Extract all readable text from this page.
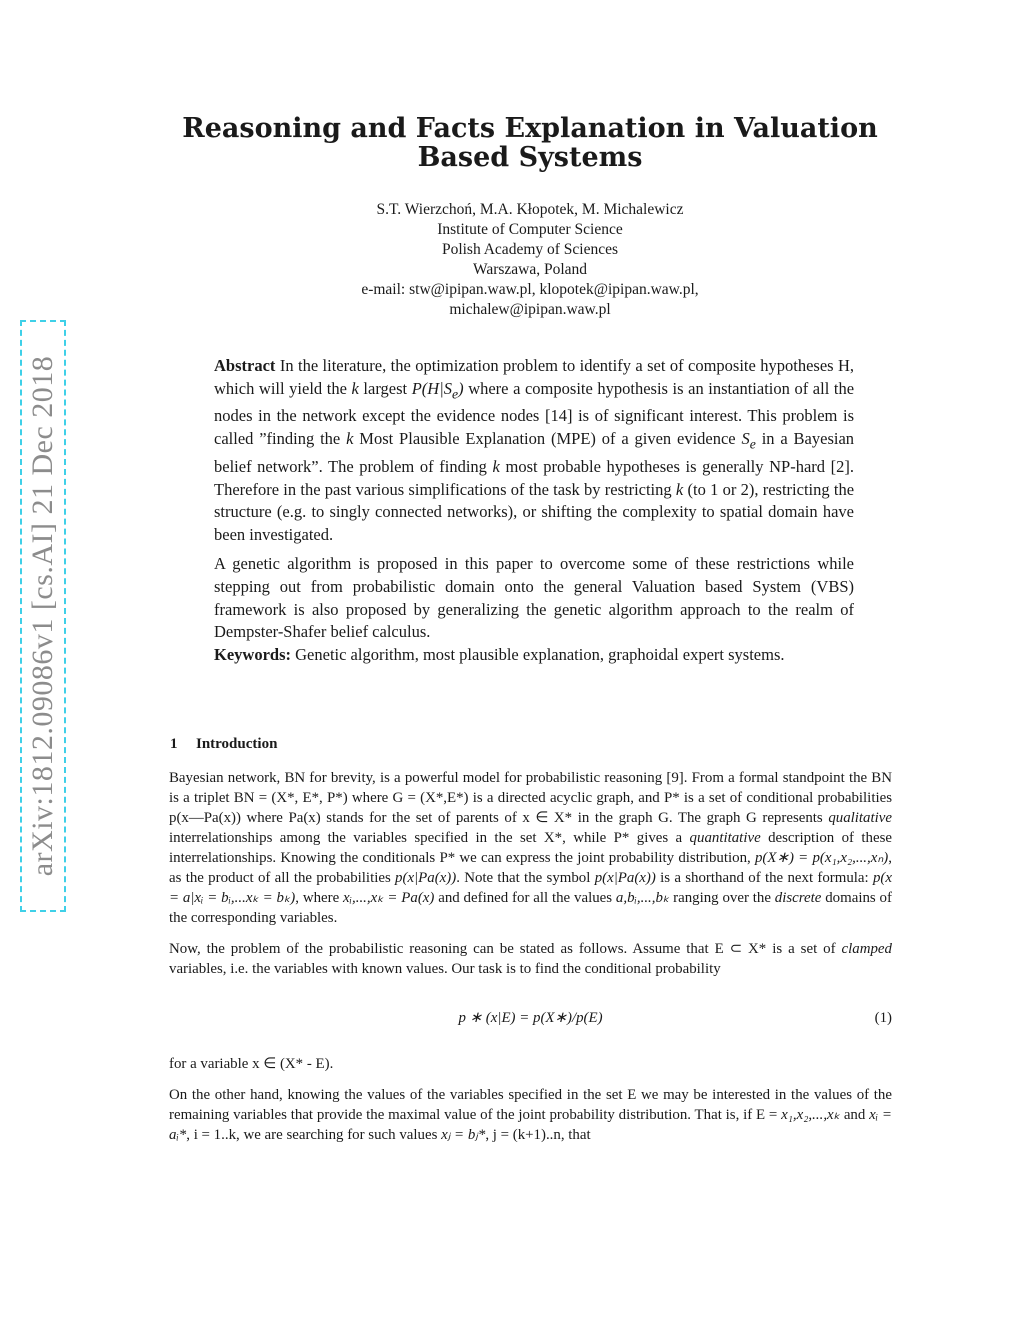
arXiv:1812.09086v1 [cs.AI] 21 Dec 2018
Reasoning and Facts Explanation in Valuation
Based Systems
S.T. Wierzchoń, M.A. Kłopotek, M. Michalewicz
Institute of Computer Science
Polish Academy of Sciences
Warszawa, Poland
e-mail: stw@ipipan.waw.pl, klopotek@ipipan.waw.pl,
michalew@ipipan.waw.pl

Abstract In the literature, the optimization problem to identify a set of composite hypotheses H, which will yield the k largest $P(H|S_e)$ where a composite hypothesis is an instantiation of all the nodes in the network except the evidence nodes [14] is of significant interest. This problem is called ”finding the k Most Plausible Explanation (MPE) of a given evidence $S_e$ in a Bayesian belief network”. The problem of finding k most probable hypotheses is generally NP-hard [2]. Therefore in the past various simplifications of the task by restricting k (to 1 or 2), restricting the structure (e.g. to singly connected networks), or shifting the complexity to spatial domain have been investigated.

A genetic algorithm is proposed in this paper to overcome some of these restrictions while stepping out from probabilistic domain onto the general Valuation based System (VBS) framework is also proposed by generalizing the genetic algorithm approach to the realm of Dempster-Shafer belief calculus.

Keywords: Genetic algorithm, most plausible explanation, graphoidal expert systems.

1 Introduction

Bayesian network, BN for brevity, is a powerful model for probabilistic reasoning [9]. From a formal standpoint the BN is a triplet BN = (X*, E*, P*) where G = (X*,E*) is a directed acyclic graph, and P* is a set of conditional probabilities p(x—Pa(x)) where Pa(x) stands for the set of parents of x ∈ X* in the graph G. The graph G represents qualitative interrelationships among the variables specified in the set X*, while P* gives a quantitative description of these interrelationships. Knowing the conditionals P* we can express the joint probability distribution, p(X∗) = p(x₁,x₂,...,xₙ), as the product of all the probabilities p(x|Pa(x)). Note that the symbol p(x|Pa(x)) is a shorthand of the next formula: p(x = a|xᵢ = bᵢ,...xₖ = bₖ), where xᵢ,...,xₖ = Pa(x) and defined for all the values a,bᵢ,...,bₖ ranging over the discrete domains of the corresponding variables.

Now, the problem of the probabilistic reasoning can be stated as follows. Assume that E ⊂ X* is a set of clamped variables, i.e. the variables with known values. Our task is to find the conditional probability

p ∗ (x|E) = p(X∗)/p(E)	(1)

for a variable x ∈ (X* - E).

On the other hand, knowing the values of the variables specified in the set E we may be interested in the values of the remaining variables that provide the maximal value of the joint probability distribution. That is, if E = x₁,x₂,...,xₖ and xᵢ = aᵢ*, i = 1..k, we are searching for such values xⱼ = bⱼ*, j = (k+1)..n, that
